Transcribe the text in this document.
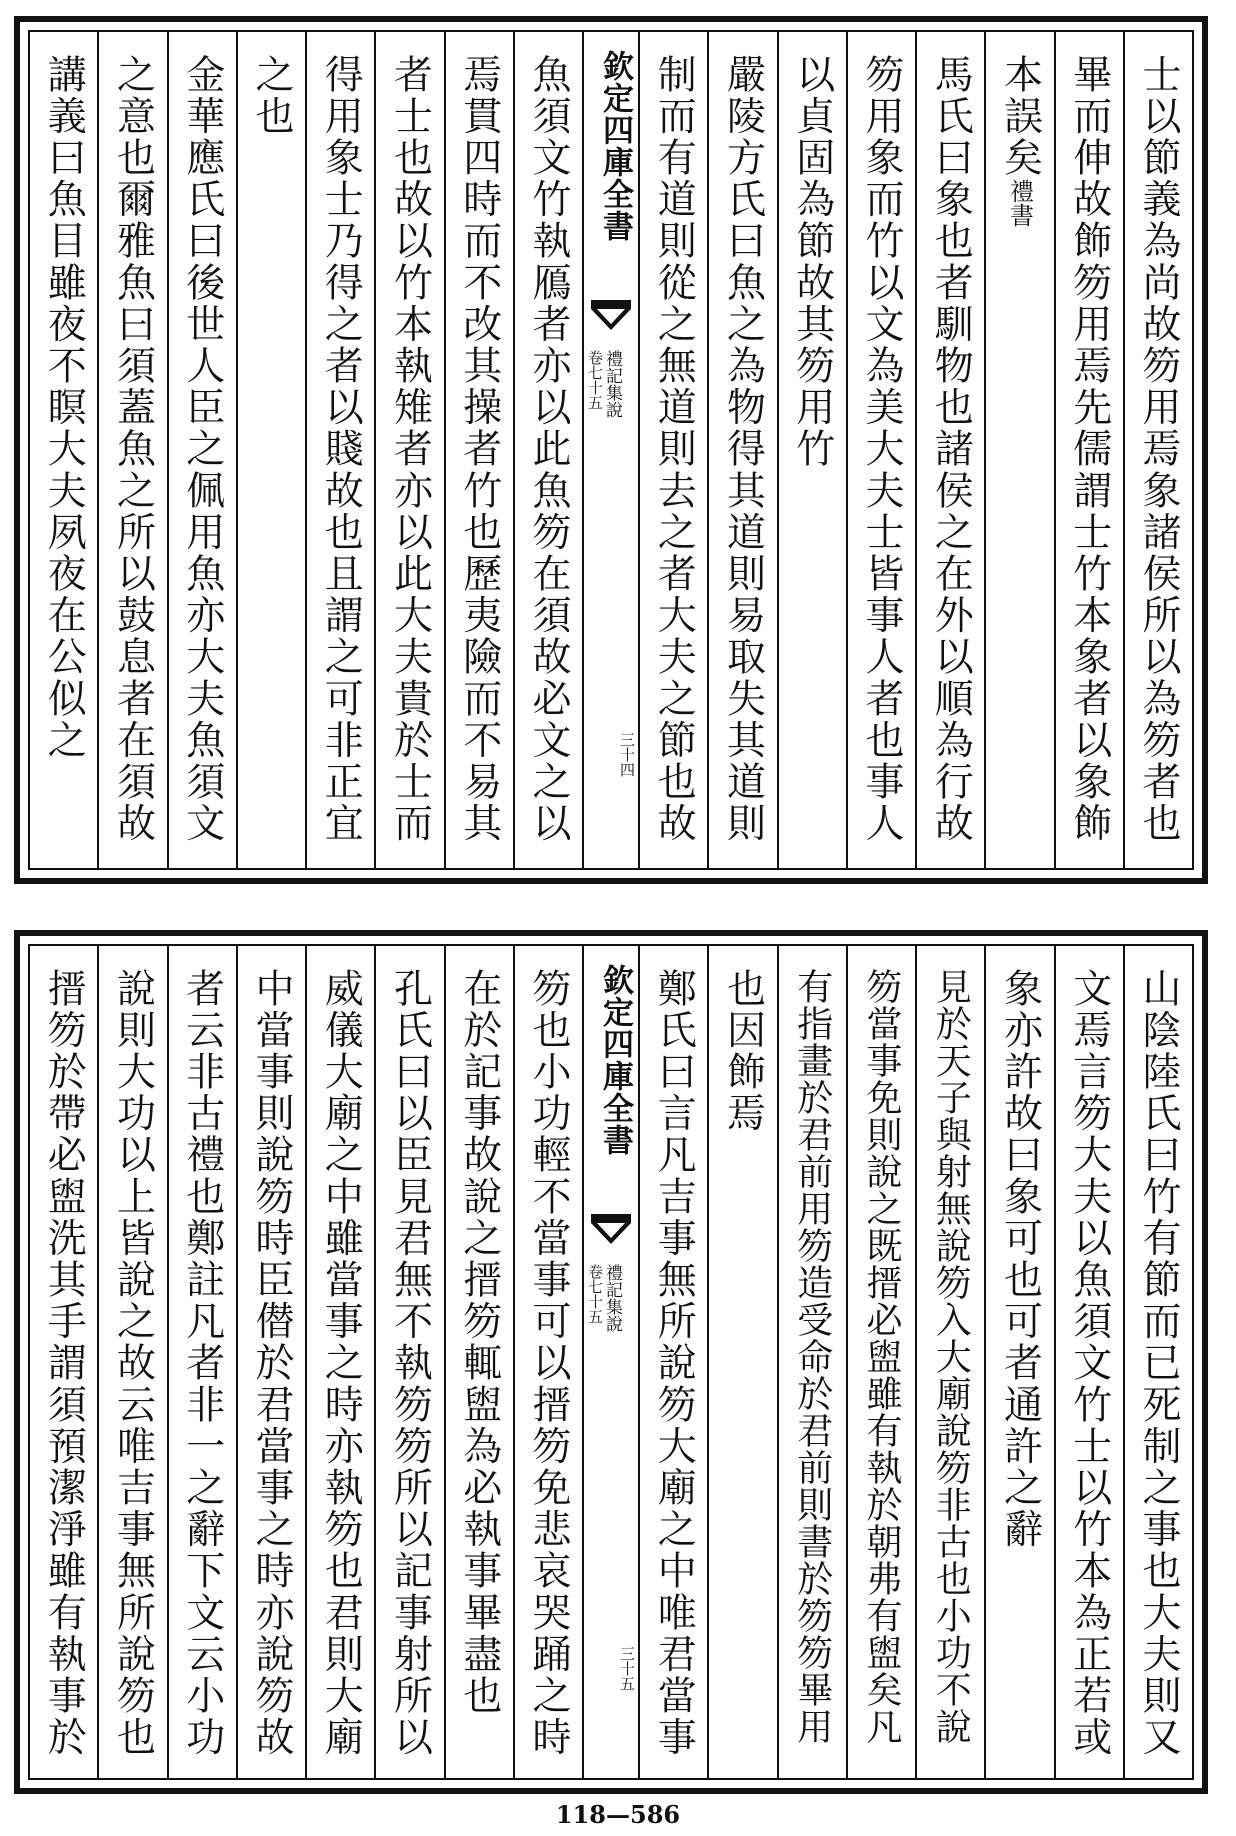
士以節義為尚故笏用焉象諸侯所以為笏者也
畢而伸故飾笏用焉先儒謂士竹本象者以象飾
本誤矣
禮書
馬氏曰象也者馴物也諸侯之在外以順為行故
笏用象而竹以文為美大夫士皆事人者也事人
以貞固為節故其笏用竹
嚴陵方氏曰魚之為物得其道則易取失其道則
制而有道則從之無道則去之者大夫之節也故
欽定四庫全書
禮記集說
卷七十五
三十四
魚須文竹執鴈者亦以此魚笏在須故必文之以
焉貫四時而不改其操者竹也歷夷險而不易其
者士也故以竹本執雉者亦以此大夫貴於士而
得用象士乃得之者以賤故也且謂之可非正宜
之也
金華應氏曰後世人臣之佩用魚亦大夫魚須文
之意也爾雅魚曰須蓋魚之所以鼓息者在須故
講義曰魚目雖夜不瞑大夫夙夜在公似之
山陰陸氏曰竹有節而已死制之事也大夫則又
文焉言笏大夫以魚須文竹士以竹本為正若或
象亦許故曰象可也可者通許之辭
見於天子與射無說笏入大廟說笏非古也小功不說
笏當事免則說之既搢必盥雖有執於朝弗有盥矣凡
有指畫於君前用笏造受命於君前則書於笏笏畢用
也因飾焉
鄭氏曰言凡吉事無所說笏大廟之中唯君當事
欽定四庫全書
禮記集說
卷七十五
三十五
笏也小功輕不當事可以搢笏免悲哀哭踊之時
在於記事故說之搢笏輒盥為必執事畢盡也
孔氏曰以臣見君無不執笏笏所以記事射所以
威儀大廟之中雖當事之時亦執笏也君則大廟
中當事則說笏時臣僣於君當事之時亦說笏故
者云非古禮也鄭註凡者非一之辭下文云小功
說則大功以上皆說之故云唯吉事無所說笏也
搢笏於帶必盥洗其手謂須預潔淨雖有執事於
118—586
